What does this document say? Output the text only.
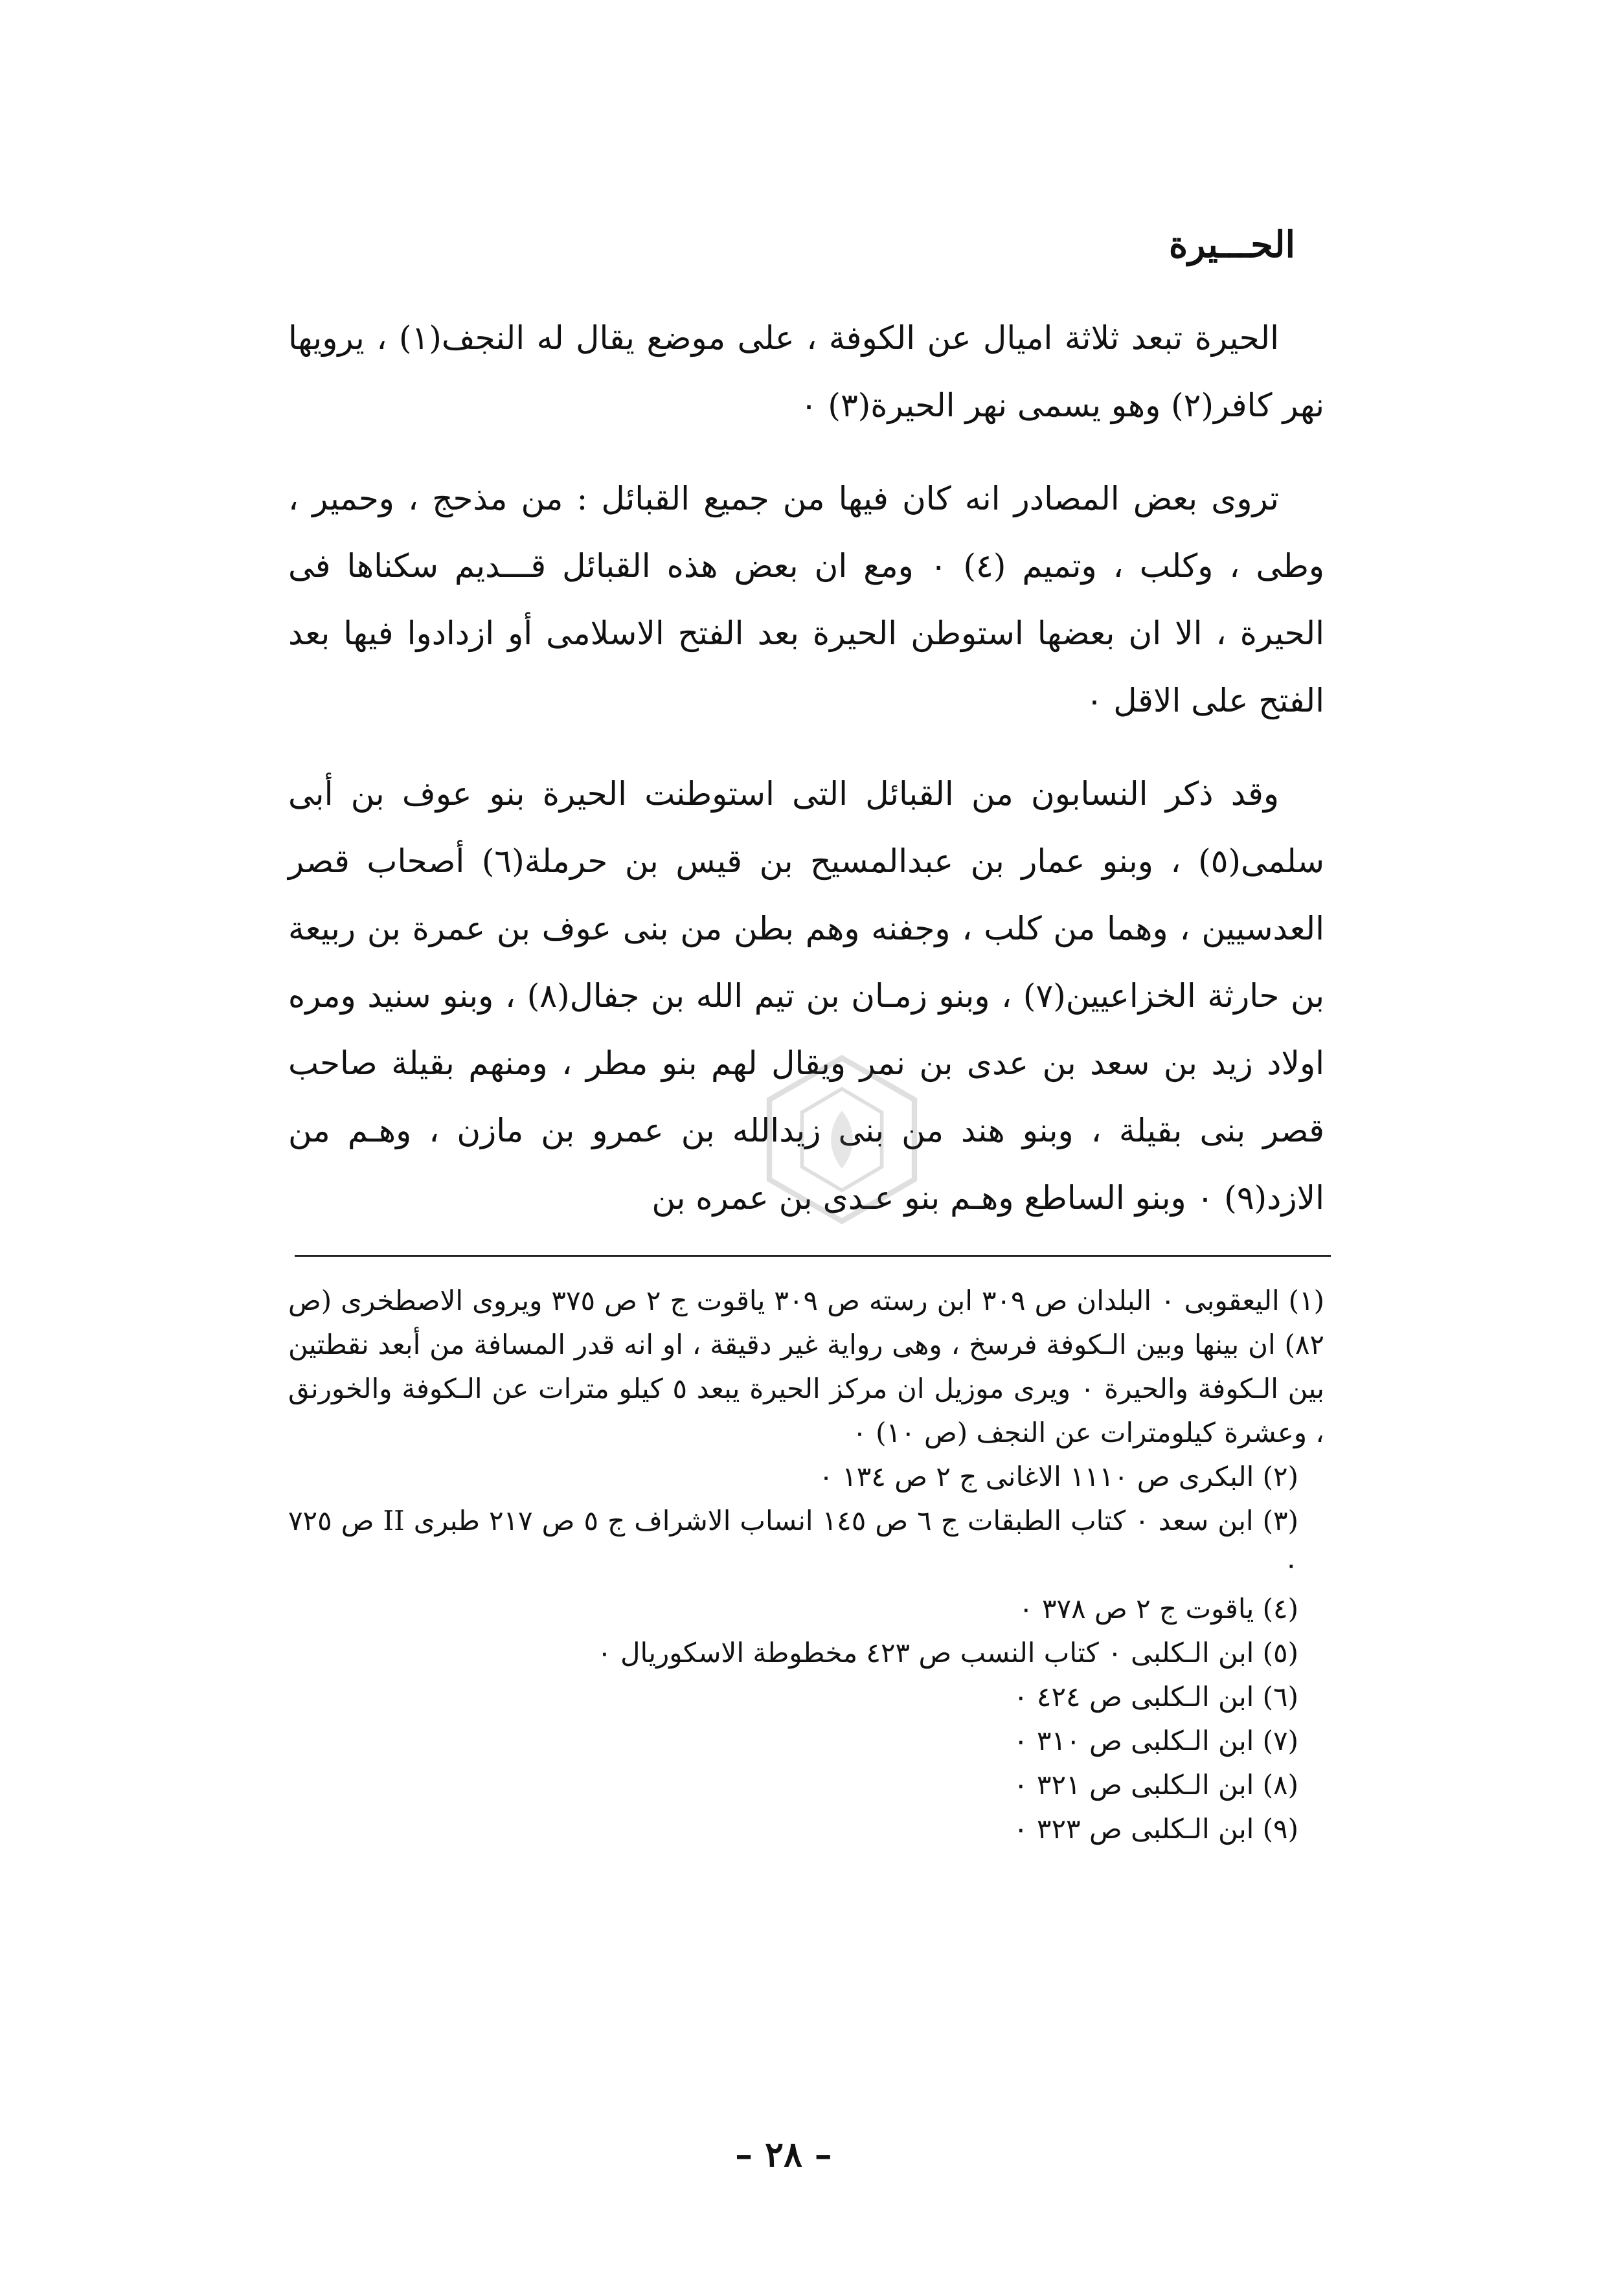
الحـــيرة

الحيرة تبعد ثلاثة اميال عن الكوفة ، على موضع يقال له النجف(١) ، يرويها نهر كافر(٢) وهو يسمى نهر الحيرة(٣) ٠

تروى بعض المصادر انه كان فيها من جميع القبائل : من مذحج ، وحمير ، وطى ، وكلب ، وتميم (٤) ٠ ومع ان بعض هذه القبائل قـــديم سكناها فى الحيرة ، الا ان بعضها استوطن الحيرة بعد الفتح الاسلامى أو ازدادوا فيها بعد الفتح على الاقل ٠

وقد ذكر النسابون من القبائل التى استوطنت الحيرة بنو عوف بن أبى سلمى(٥) ، وبنو عمار بن عبدالمسيح بن قيس بن حرملة(٦) أصحاب قصر العدسيين ، وهما من كلب ، وجفنه وهم بطن من بنى عوف بن عمرة بن ربيعة بن حارثة الخزاعيين(٧) ، وبنو زمـان بن تيم الله بن جفال(٨) ، وبنو سنيد ومره اولاد زيد بن سعد بن عدى بن نمر ويقال لهم بنو مطر ، ومنهم بقيلة صاحب قصر بنى بقيلة ، وبنو هند من بنى زيدالله بن عمرو بن مازن ، وهـم من الازد(٩) ٠ وبنو الساطع وهـم بنو عـدى بن عمره بن

(١) اليعقوبى ٠ البلدان ص ٣٠٩ ابن رسته ص ٣٠٩ ياقوت ج ٢ ص ٣٧٥ ويروى الاصطخرى (ص ٨٢) ان بينها وبين الـكوفة فرسخ ، وهى رواية غير دقيقة ، او انه قدر المسافة من أبعد نقطتين بين الـكوفة والحيرة ٠ ويرى موزيل ان مركز الحيرة يبعد ٥ كيلو مترات عن الـكوفة والخورنق ، وعشرة كيلومترات عن النجف (ص ١٠) ٠

(٢) البكرى ص ١١١٠ الاغانى ج ٢ ص ١٣٤ ٠

(٣) ابن سعد ٠ كتاب الطبقات ج ٦ ص ١٤٥ انساب الاشراف ج ٥ ص ٢١٧ طبرى II ص ٧٢٥ ٠

(٤) ياقوت ج ٢ ص ٣٧٨ ٠

(٥) ابن الـكلبى ٠ كتاب النسب ص ٤٢٣ مخطوطة الاسكوريال ٠

(٦) ابن الـكلبى ص ٤٢٤ ٠

(٧) ابن الـكلبى ص ٣١٠ ٠

(٨) ابن الـكلبى ص ٣٢١ ٠

(٩) ابن الـكلبى ص ٣٢٣ ٠

– ٢٨ –
